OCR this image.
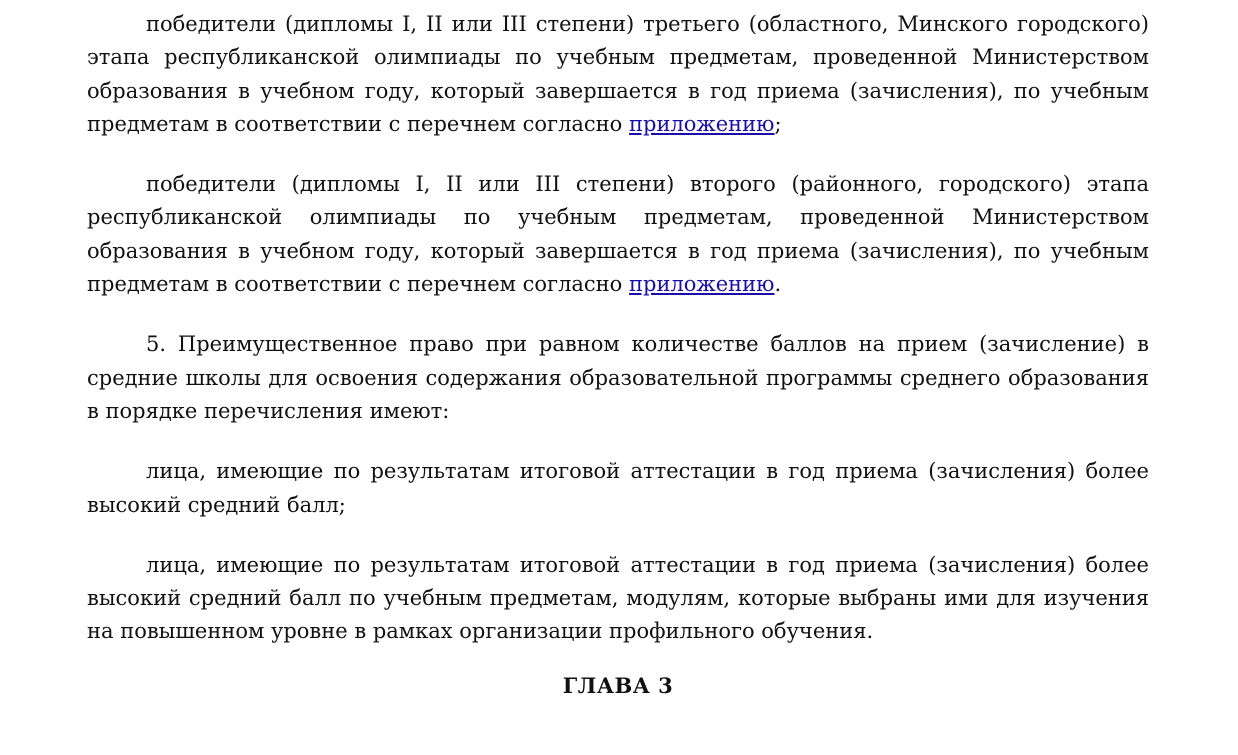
победители (дипломы I, II или III степени) третьего (областного, Минского городского) этапа республиканской олимпиады по учебным предметам, проведенной Министерством образования в учебном году, который завершается в год приема (зачисления), по учебным предметам в соответствии с перечнем согласно приложению;

победители (дипломы I, II или III степени) второго (районного, городского) этапа республиканской олимпиады по учебным предметам, проведенной Министерством образования в учебном году, который завершается в год приема (зачисления), по учебным предметам в соответствии с перечнем согласно приложению.

5. Преимущественное право при равном количестве баллов на прием (зачисление) в средние школы для освоения содержания образовательной программы среднего образования в порядке перечисления имеют:

лица, имеющие по результатам итоговой аттестации в год приема (зачисления) более высокий средний балл;

лица, имеющие по результатам итоговой аттестации в год приема (зачисления) более высокий средний балл по учебным предметам, модулям, которые выбраны ими для изучения на повышенном уровне в рамках организации профильного обучения.

ГЛАВА 3
